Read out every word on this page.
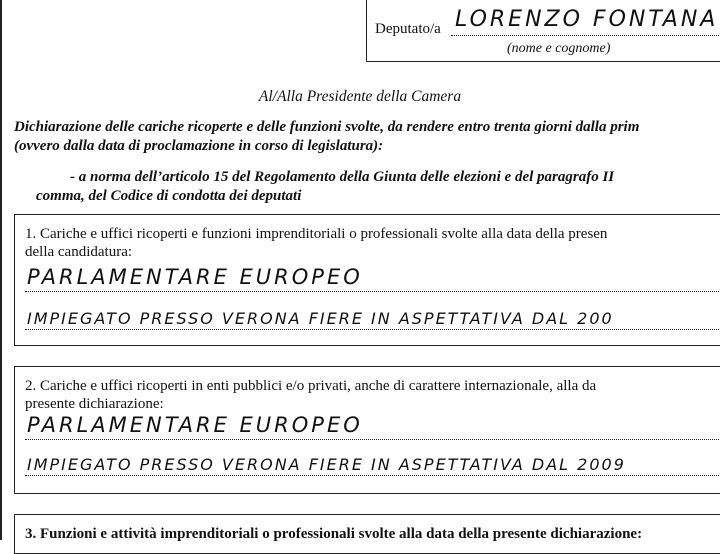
Deputato/a LORENZO FONTANA
(nome e cognome)
Al/Alla Presidente della Camera
Dichiarazione delle cariche ricoperte e delle funzioni svolte, da rendere entro trenta giorni dalla prim
(ovvero dalla data di proclamazione in corso di legislatura):
- a norma dell’articolo 15 del Regolamento della Giunta delle elezioni e del paragrafo II
comma, del Codice di condotta dei deputati
1. Cariche e uffici ricoperti e funzioni imprenditoriali o professionali svolte alla data della presen
della candidatura:
PARLAMENTARE EUROPEO
IMPIEGATO PRESSO VERONA FIERE IN ASPETTATIVA DAL 200
2. Cariche e uffici ricoperti in enti pubblici e/o privati, anche di carattere internazionale, alla da
presente dichiarazione:
PARLAMENTARE EUROPEO
IMPIEGATO PRESSO VERONA FIERE IN ASPETTATIVA DAL 2009
3. Funzioni e attività imprenditoriali o professionali svolte alla data della presente dichiarazione:
